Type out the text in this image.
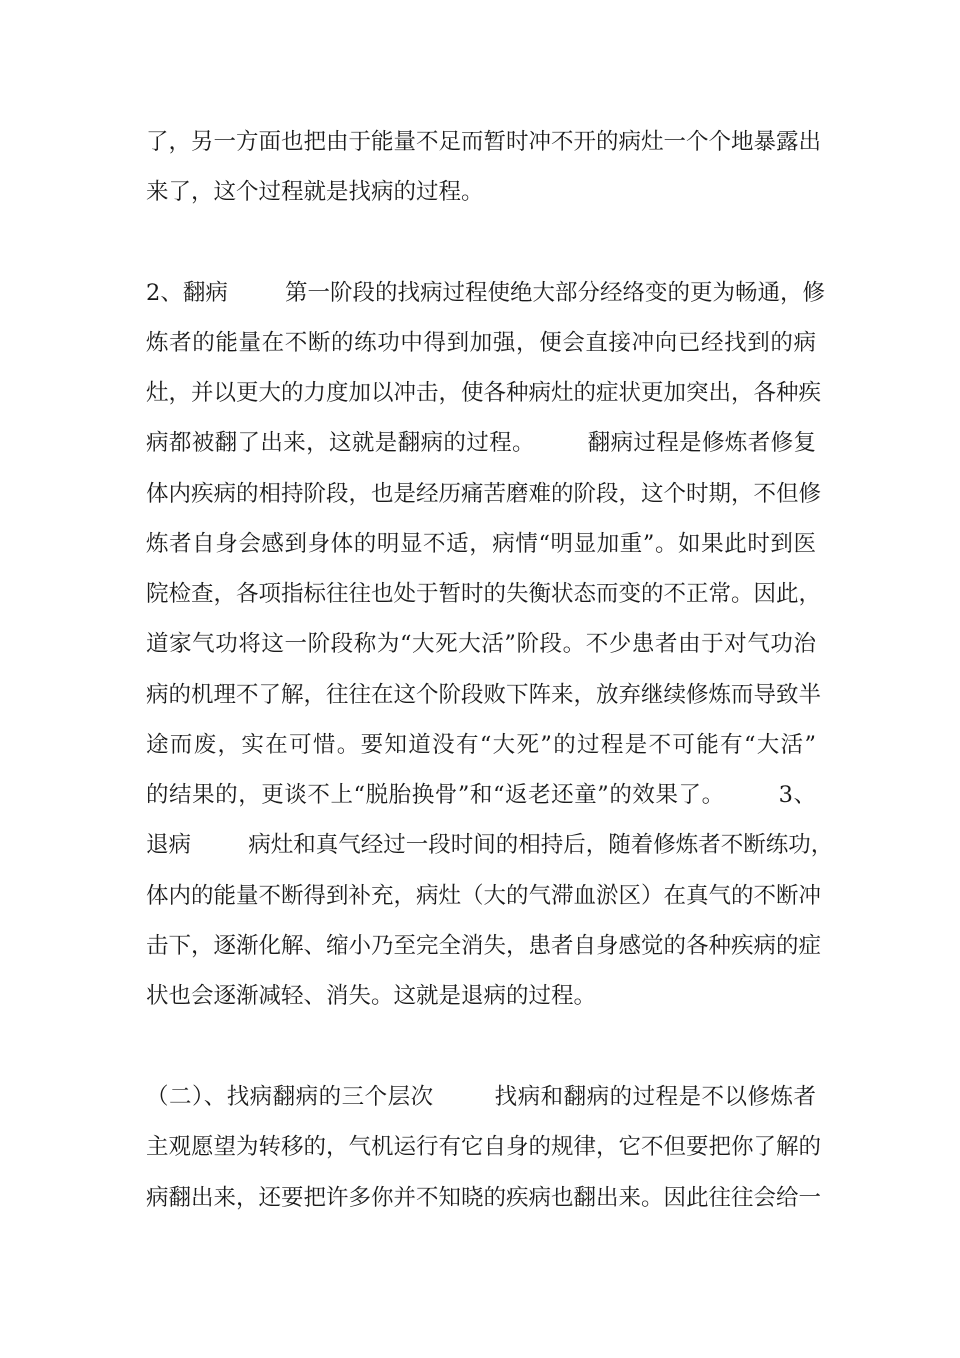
了，另一方面也把由于能量不足而暂时冲不开的病灶一个个地暴露出
来了，这个过程就是找病的过程。
2、翻病        第一阶段的找病过程使绝大部分经络变的更为畅通，修
炼者的能量在不断的练功中得到加强，便会直接冲向已经找到的病
灶，并以更大的力度加以冲击，使各种病灶的症状更加突出，各种疾
病都被翻了出来，这就是翻病的过程。       翻病过程是修炼者修复
体内疾病的相持阶段，也是经历痛苦磨难的阶段，这个时期，不但修
炼者自身会感到身体的明显不适，病情“明显加重”。如果此时到医
院检查，各项指标往往也处于暂时的失衡状态而变的不正常。因此，
道家气功将这一阶段称为“大死大活”阶段。不少患者由于对气功治
病的机理不了解，往往在这个阶段败下阵来，放弃继续修炼而导致半
途而废，实在可惜。要知道没有“大死”的过程是不可能有“大活”
的结果的，更谈不上“脱胎换骨”和“返老还童”的效果了。       3、
退病        病灶和真气经过一段时间的相持后，随着修炼者不断练功，
体内的能量不断得到补充，病灶（大的气滞血淤区）在真气的不断冲
击下，逐渐化解、缩小乃至完全消失，患者自身感觉的各种疾病的症
状也会逐渐减轻、消失。这就是退病的过程。
（二）、找病翻病的三个层次        找病和翻病的过程是不以修炼者
主观愿望为转移的，气机运行有它自身的规律，它不但要把你了解的
病翻出来，还要把许多你并不知晓的疾病也翻出来。因此往往会给一
